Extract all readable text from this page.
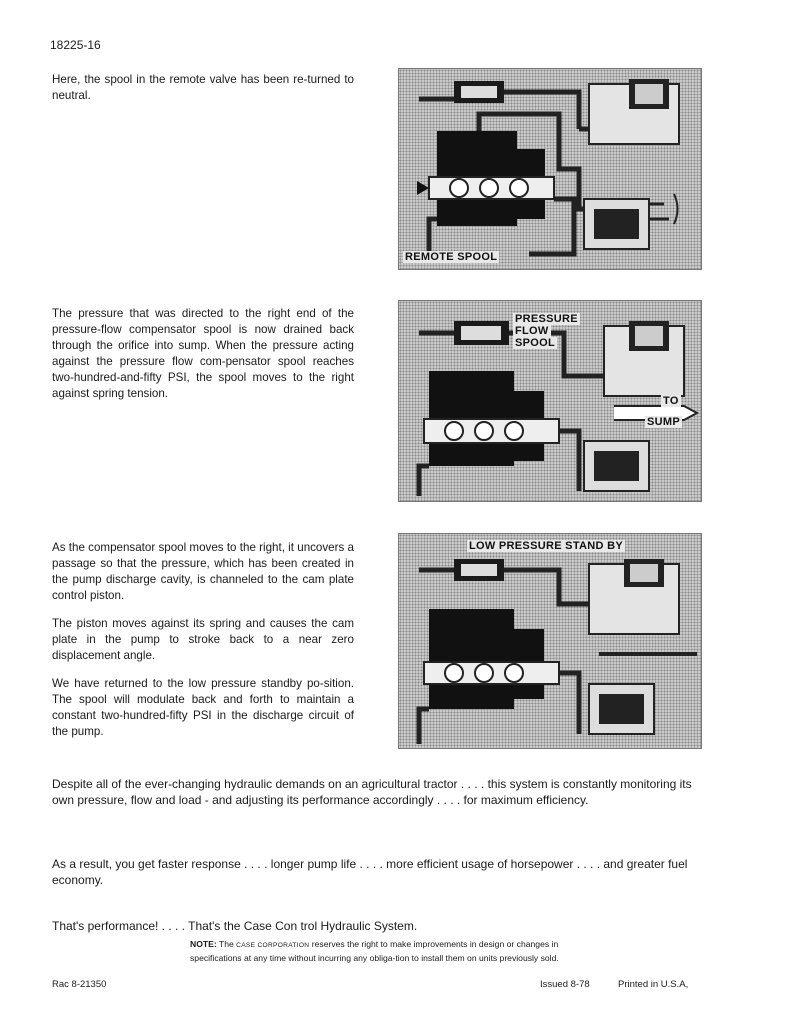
18225-16
Here, the spool in the remote valve has been re-turned to neutral.
REMOTE SPOOL
The pressure that was directed to the right end of the pressure-flow compensator spool is now drained back through the orifice into sump. When the pressure acting against the pressure flow com-pensator spool reaches two-hundred-and-fifty PSI, the spool moves to the right against spring tension.
PRESSURE
FLOW
SPOOL
TO
SUMP
As the compensator spool moves to the right, it uncovers a passage so that the pressure, which has been created in the pump discharge cavity, is channeled to the cam plate control piston.
The piston moves against its spring and causes the cam plate in the pump to stroke back to a near zero displacement angle.
We have returned to the low pressure standby po-sition. The spool will modulate back and forth to maintain a constant two-hundred-fifty PSI in the discharge circuit of the pump.
LOW PRESSURE STAND BY
Despite all of the ever-changing hydraulic demands on an agricultural tractor . . . . this system is constantly monitoring its own pressure, flow and load - and adjusting its performance accordingly . . . . for maximum efficiency.
As a result, you get faster response . . . . longer pump life . . . . more efficient usage of horsepower . . . . and greater fuel economy.
That's performance! . . . . That's the Case Con trol Hydraulic System.
NOTE: The CASE CORPORATION reserves the right to make improvements in design or changes in specifications at any time without incurring any obliga-tion to install them on units previously sold.
Rac 8-21350	Issued 8-78	Printed in U.S.A,
